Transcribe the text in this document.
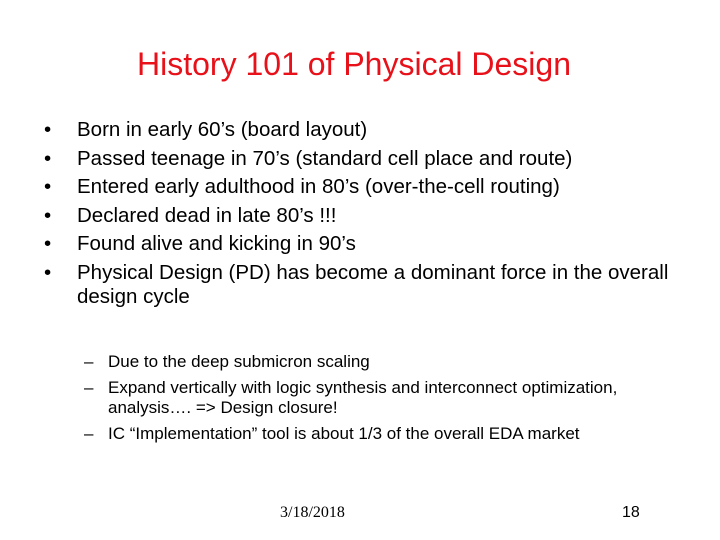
History 101 of Physical Design
• Born in early 60’s (board layout)
• Passed teenage in 70’s (standard cell place and route)
• Entered early adulthood in 80’s (over-the-cell routing)
• Declared dead in late 80’s !!!
• Found alive and kicking in 90’s
• Physical Design (PD) has become a dominant force in the overall design cycle
– Due to the deep submicron scaling
– Expand vertically with logic synthesis and interconnect optimization, analysis…. => Design closure!
– IC “Implementation” tool is about 1/3 of the overall EDA market
3/18/2018	18
